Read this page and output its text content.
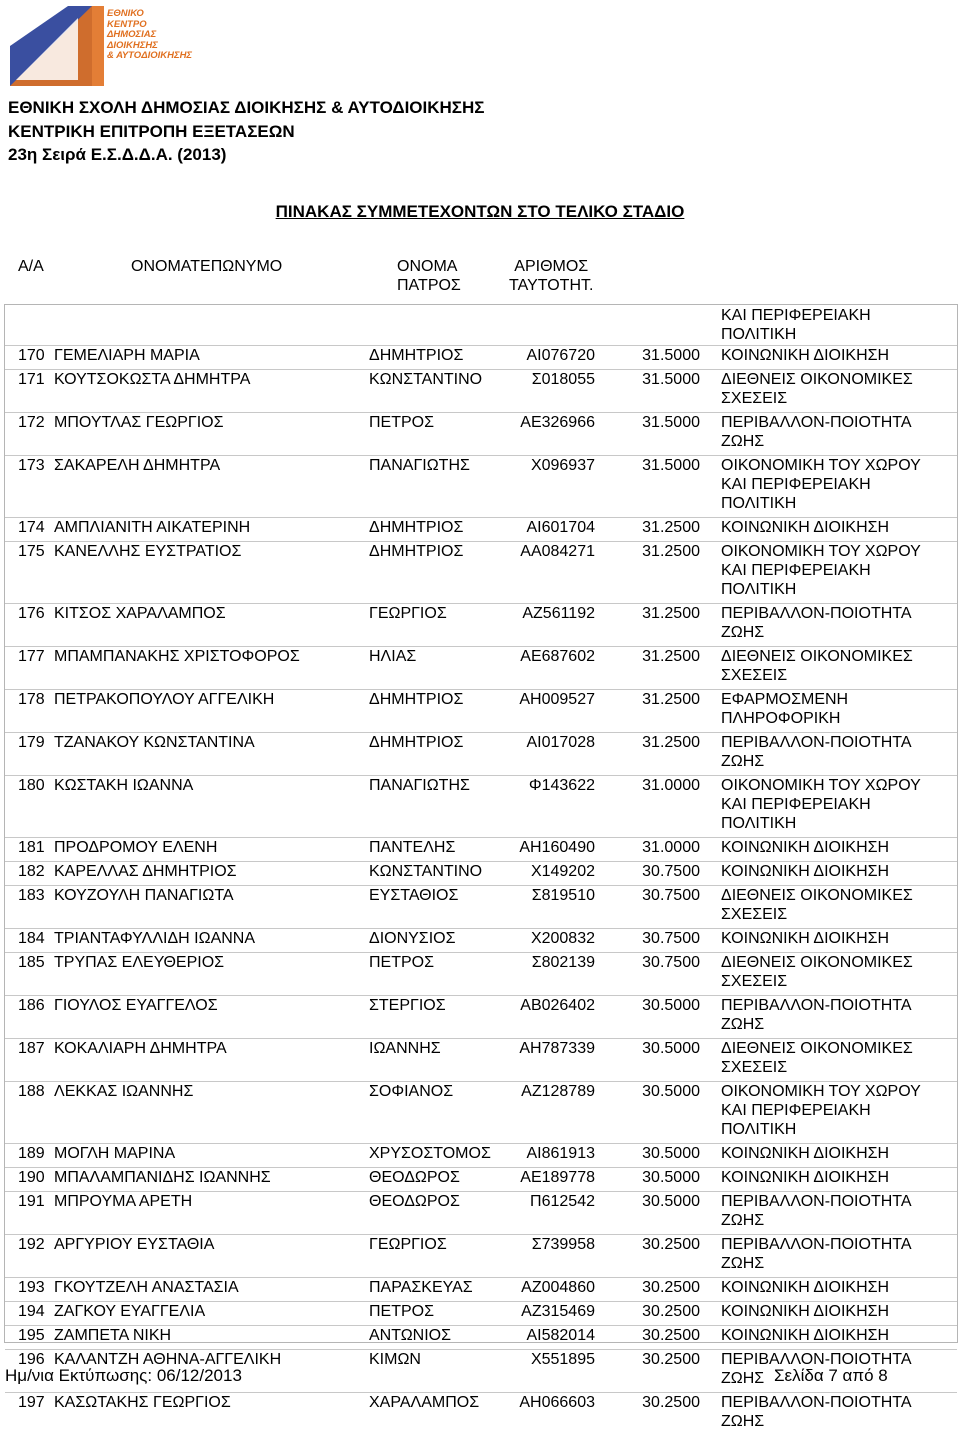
ΕΘΝΙΚΟ
ΚΕΝΤΡΟ
ΔΗΜΟΣΙΑΣ
ΔΙΟΙΚΗΣΗΣ
& ΑΥΤΟΔΙΟΙΚΗΣΗΣ
ΕΘΝΙΚΗ ΣΧΟΛΗ ΔΗΜΟΣΙΑΣ ΔΙΟΙΚΗΣΗΣ & ΑΥΤΟΔΙΟΙΚΗΣΗΣ
ΚΕΝΤΡΙΚΗ ΕΠΙΤΡΟΠΗ ΕΞΕΤΑΣΕΩΝ
23η Σειρά Ε.Σ.Δ.Δ.Α. (2013)
ΠΙΝΑΚΑΣ ΣΥΜΜΕΤΕΧΟΝΤΩΝ ΣΤΟ ΤΕΛΙΚΟ ΣΤΑΔΙΟ
Α/Α	ΟΝΟΜΑΤΕΠΩΝΥΜΟ	ΟΝΟΜΑ
ΠΑΤΡΟΣ
ΑΡΙΘΜΟΣ
ΤΑΥΤΟΤΗΤ.
ΚΑΙ ΠΕΡΙΦΕΡΕΙΑΚΗ
ΠΟΛΙΤΙΚΗ
170 ΓΕΜΕΛΙΑΡΗ ΜΑΡΙΑ	ΔΗΜΗΤΡΙΟΣ	ΑΙ076720	31.5000 ΚΟΙΝΩΝΙΚΗ ΔΙΟΙΚΗΣΗ
171 ΚΟΥΤΣΟΚΩΣΤΑ ΔΗΜΗΤΡΑ	ΚΩΝΣΤΑΝΤΙΝΟ	Σ018055	31.5000 ΔΙΕΘΝΕΙΣ ΟΙΚΟΝΟΜΙΚΕΣ
ΣΧΕΣΕΙΣ
172 ΜΠΟΥΤΛΑΣ ΓΕΩΡΓΙΟΣ	ΠΕΤΡΟΣ	ΑΕ326966	31.5000 ΠΕΡΙΒΑΛΛΟΝ-ΠΟΙΟΤΗΤΑ
ΖΩΗΣ
173 ΣΑΚΑΡΕΛΗ ΔΗΜΗΤΡΑ	ΠΑΝΑΓΙΩΤΗΣ	Χ096937	31.5000 ΟΙΚΟΝΟΜΙΚΗ ΤΟΥ ΧΩΡΟΥ
ΚΑΙ ΠΕΡΙΦΕΡΕΙΑΚΗ
ΠΟΛΙΤΙΚΗ
174 ΑΜΠΛΙΑΝΙΤΗ ΑΙΚΑΤΕΡΙΝΗ	ΔΗΜΗΤΡΙΟΣ	ΑΙ601704	31.2500 ΚΟΙΝΩΝΙΚΗ ΔΙΟΙΚΗΣΗ
175 ΚΑΝΕΛΛΗΣ ΕΥΣΤΡΑΤΙΟΣ	ΔΗΜΗΤΡΙΟΣ	ΑΑ084271	31.2500 ΟΙΚΟΝΟΜΙΚΗ ΤΟΥ ΧΩΡΟΥ
ΚΑΙ ΠΕΡΙΦΕΡΕΙΑΚΗ
ΠΟΛΙΤΙΚΗ
176 ΚΙΤΣΟΣ ΧΑΡΑΛΑΜΠΟΣ	ΓΕΩΡΓΙΟΣ	ΑΖ561192	31.2500 ΠΕΡΙΒΑΛΛΟΝ-ΠΟΙΟΤΗΤΑ
ΖΩΗΣ
177 ΜΠΑΜΠΑΝΑΚΗΣ ΧΡΙΣΤΟΦΟΡΟΣ	ΗΛΙΑΣ	ΑΕ687602	31.2500 ΔΙΕΘΝΕΙΣ ΟΙΚΟΝΟΜΙΚΕΣ
ΣΧΕΣΕΙΣ
178 ΠΕΤΡΑΚΟΠΟΥΛΟΥ ΑΓΓΕΛΙΚΗ	ΔΗΜΗΤΡΙΟΣ	ΑΗ009527	31.2500 ΕΦΑΡΜΟΣΜΕΝΗ
ΠΛΗΡΟΦΟΡΙΚΗ
179 ΤΖΑΝΑΚΟΥ ΚΩΝΣΤΑΝΤΙΝΑ	ΔΗΜΗΤΡΙΟΣ	ΑΙ017028	31.2500 ΠΕΡΙΒΑΛΛΟΝ-ΠΟΙΟΤΗΤΑ
ΖΩΗΣ
180 ΚΩΣΤΑΚΗ ΙΩΑΝΝΑ	ΠΑΝΑΓΙΩΤΗΣ	Φ143622	31.0000 ΟΙΚΟΝΟΜΙΚΗ ΤΟΥ ΧΩΡΟΥ
ΚΑΙ ΠΕΡΙΦΕΡΕΙΑΚΗ
ΠΟΛΙΤΙΚΗ
181 ΠΡΟΔΡΟΜΟΥ ΕΛΕΝΗ	ΠΑΝΤΕΛΗΣ	ΑΗ160490	31.0000 ΚΟΙΝΩΝΙΚΗ ΔΙΟΙΚΗΣΗ
182 ΚΑΡΕΛΛΑΣ ΔΗΜΗΤΡΙΟΣ	ΚΩΝΣΤΑΝΤΙΝΟ	Χ149202	30.7500 ΚΟΙΝΩΝΙΚΗ ΔΙΟΙΚΗΣΗ
183 ΚΟΥΖΟΥΛΗ ΠΑΝΑΓΙΩΤΑ	ΕΥΣΤΑΘΙΟΣ	Σ819510	30.7500 ΔΙΕΘΝΕΙΣ ΟΙΚΟΝΟΜΙΚΕΣ
ΣΧΕΣΕΙΣ
184 ΤΡΙΑΝΤΑΦΥΛΛΙΔΗ ΙΩΑΝΝΑ	ΔΙΟΝΥΣΙΟΣ	Χ200832	30.7500 ΚΟΙΝΩΝΙΚΗ ΔΙΟΙΚΗΣΗ
185 ΤΡΥΠΑΣ ΕΛΕΥΘΕΡΙΟΣ	ΠΕΤΡΟΣ	Σ802139	30.7500 ΔΙΕΘΝΕΙΣ ΟΙΚΟΝΟΜΙΚΕΣ
ΣΧΕΣΕΙΣ
186 ΓΙΟΥΛΟΣ ΕΥΑΓΓΕΛΟΣ	ΣΤΕΡΓΙΟΣ	ΑΒ026402	30.5000 ΠΕΡΙΒΑΛΛΟΝ-ΠΟΙΟΤΗΤΑ
ΖΩΗΣ
187 ΚΟΚΑΛΙΑΡΗ ΔΗΜΗΤΡΑ	ΙΩΑΝΝΗΣ	ΑΗ787339	30.5000 ΔΙΕΘΝΕΙΣ ΟΙΚΟΝΟΜΙΚΕΣ
ΣΧΕΣΕΙΣ
188 ΛΕΚΚΑΣ ΙΩΑΝΝΗΣ	ΣΟΦΙΑΝΟΣ	ΑΖ128789	30.5000 ΟΙΚΟΝΟΜΙΚΗ ΤΟΥ ΧΩΡΟΥ
ΚΑΙ ΠΕΡΙΦΕΡΕΙΑΚΗ
ΠΟΛΙΤΙΚΗ
189 ΜΟΓΛΗ ΜΑΡΙΝΑ	ΧΡΥΣΟΣΤΟΜΟΣ	ΑΙ861913	30.5000 ΚΟΙΝΩΝΙΚΗ ΔΙΟΙΚΗΣΗ
190 ΜΠΑΛΑΜΠΑΝΙΔΗΣ ΙΩΑΝΝΗΣ	ΘΕΟΔΩΡΟΣ	ΑΕ189778	30.5000 ΚΟΙΝΩΝΙΚΗ ΔΙΟΙΚΗΣΗ
191 ΜΠΡΟΥΜΑ ΑΡΕΤΗ	ΘΕΟΔΩΡΟΣ	Π612542	30.5000 ΠΕΡΙΒΑΛΛΟΝ-ΠΟΙΟΤΗΤΑ
ΖΩΗΣ
192 ΑΡΓΥΡΙΟΥ ΕΥΣΤΑΘΙΑ	ΓΕΩΡΓΙΟΣ	Σ739958	30.2500 ΠΕΡΙΒΑΛΛΟΝ-ΠΟΙΟΤΗΤΑ
ΖΩΗΣ
193 ΓΚΟΥΤΖΕΛΗ ΑΝΑΣΤΑΣΙΑ	ΠΑΡΑΣΚΕΥΑΣ	ΑΖ004860	30.2500 ΚΟΙΝΩΝΙΚΗ ΔΙΟΙΚΗΣΗ
194 ΖΑΓΚΟΥ ΕΥΑΓΓΕΛΙΑ	ΠΕΤΡΟΣ	ΑΖ315469	30.2500 ΚΟΙΝΩΝΙΚΗ ΔΙΟΙΚΗΣΗ
195 ΖΑΜΠΕΤΑ ΝΙΚΗ	ΑΝΤΩΝΙΟΣ	ΑΙ582014	30.2500 ΚΟΙΝΩΝΙΚΗ ΔΙΟΙΚΗΣΗ
196 ΚΑΛΑΝΤΖΗ ΑΘΗΝΑ-ΑΓΓΕΛΙΚΗ	ΚΙΜΩΝ	Χ551895	30.2500 ΠΕΡΙΒΑΛΛΟΝ-ΠΟΙΟΤΗΤΑ
ΖΩΗΣ
197 ΚΑΣΩΤΑΚΗΣ ΓΕΩΡΓΙΟΣ	ΧΑΡΑΛΑΜΠΟΣ	ΑΗ066603	30.2500 ΠΕΡΙΒΑΛΛΟΝ-ΠΟΙΟΤΗΤΑ
ΖΩΗΣ
Ημ/νια Εκτύπωσης: 06/12/2013	Σελίδα 7 από 8
